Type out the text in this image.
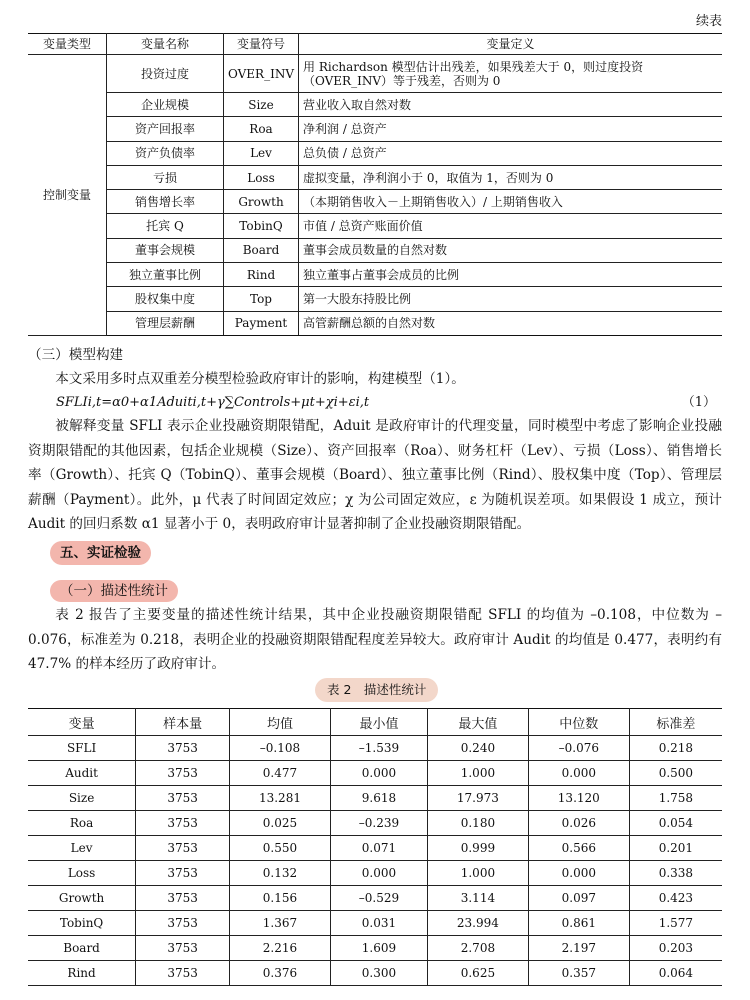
续表
变量类型	变量名称	变量符号	变量定义
控制变量	投资过度	OVER_INV	用 Richardson 模型估计出残差，如果残差大于 0，则过度投资（OVER_INV）等于残差，否则为 0
	企业规模	Size	营业收入取自然对数
	资产回报率	Roa	净利润 / 总资产
	资产负债率	Lev	总负债 / 总资产
	亏损	Loss	虚拟变量，净利润小于 0，取值为 1，否则为 0
	销售增长率	Growth	（本期销售收入－上期销售收入）/ 上期销售收入
	托宾 Q	TobinQ	市值 / 总资产账面价值
	董事会规模	Board	董事会成员数量的自然对数
	独立董事比例	Rind	独立董事占董事会成员的比例
	股权集中度	Top	第一大股东持股比例
	管理层薪酬	Payment	高管薪酬总额的自然对数
（三）模型构建
本文采用多时点双重差分模型检验政府审计的影响，构建模型（1）。
SFLIi,t=α0+α1Aduiti,t+γ∑Controls+μt+χi+εi,t	（1）
被解释变量 SFLI 表示企业投融资期限错配，Aduit 是政府审计的代理变量，同时模型中考虑了影响企业投融资期限错配的其他因素，包括企业规模（Size）、资产回报率（Roa）、财务杠杆（Lev）、亏损（Loss）、销售增长率（Growth）、托宾 Q（TobinQ）、董事会规模（Board）、独立董事比例（Rind）、股权集中度（Top）、管理层薪酬（Payment）。此外，μ 代表了时间固定效应；χ 为公司固定效应，ε 为随机误差项。如果假设 1 成立，预计 Audit 的回归系数 α1 显著小于 0，表明政府审计显著抑制了企业投融资期限错配。
五、实证检验
（一）描述性统计
表 2 报告了主要变量的描述性统计结果，其中企业投融资期限错配 SFLI 的均值为 –0.108，中位数为 –0.076，标准差为 0.218，表明企业的投融资期限错配程度差异较大。政府审计 Audit 的均值是 0.477，表明约有 47.7% 的样本经历了政府审计。
表 2　描述性统计
变量	样本量	均值	最小值	最大值	中位数	标准差
SFLI	3753	–0.108	–1.539	0.240	–0.076	0.218
Audit	3753	0.477	0.000	1.000	0.000	0.500
Size	3753	13.281	9.618	17.973	13.120	1.758
Roa	3753	0.025	–0.239	0.180	0.026	0.054
Lev	3753	0.550	0.071	0.999	0.566	0.201
Loss	3753	0.132	0.000	1.000	0.000	0.338
Growth	3753	0.156	–0.529	3.114	0.097	0.423
TobinQ	3753	1.367	0.031	23.994	0.861	1.577
Board	3753	2.216	1.609	2.708	2.197	0.203
Rind	3753	0.376	0.300	0.625	0.357	0.064
